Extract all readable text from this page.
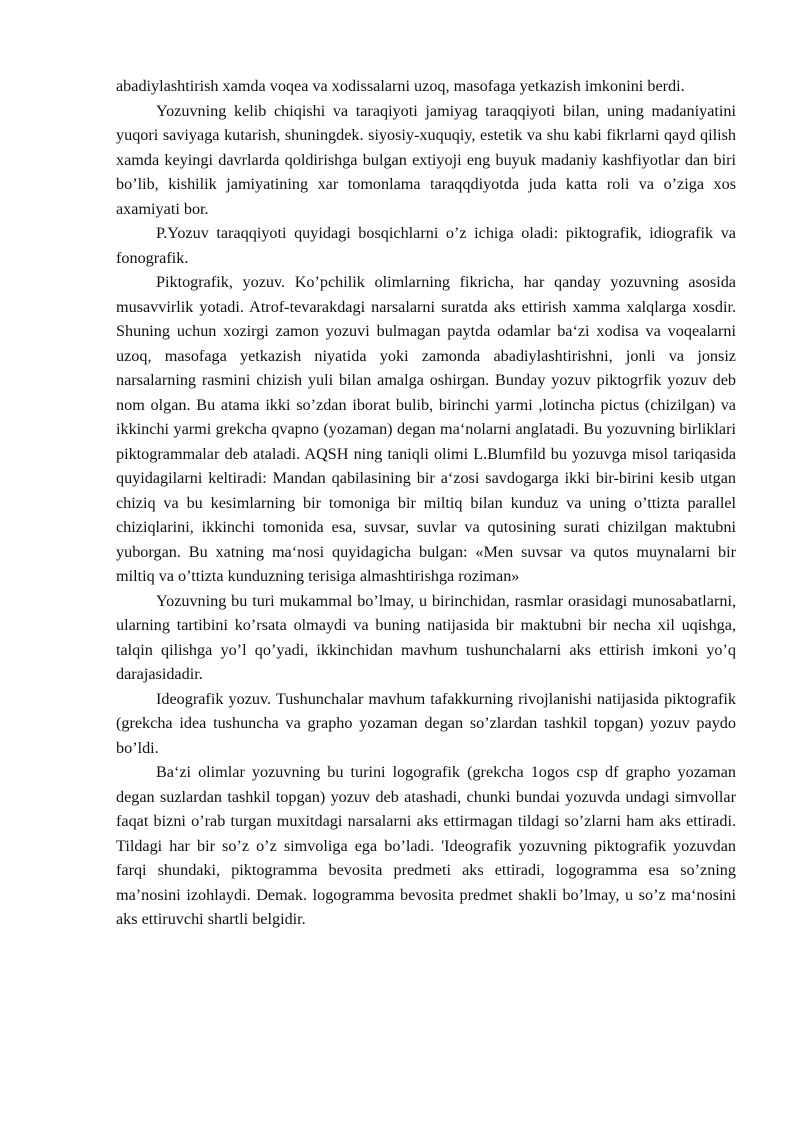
abadiylashtirish xamda voqea va xodissalarni uzoq, masofaga yetkazish imkonini berdi.

Yozuvning kelib chiqishi va taraqiyoti jamiyag taraqqiyoti bilan, uning madaniyatini yuqori saviyaga kutarish, shuningdek. siyosiy-xuquqiy, estetik va shu kabi fikrlarni qayd qilish xamda keyingi davrlarda qoldirishga bulgan extiyoji eng buyuk madaniy kashfiyotlar dan biri bo’lib, kishilik jamiyatining xar tomonlama taraqqdiyotda juda katta roli va o’ziga xos axamiyati bor.

P.Yozuv taraqqiyoti quyidagi bosqichlarni o’z ichiga oladi: piktografik, idiografik va fonografik.

Piktografik, yozuv. Ko’pchilik olimlarning fikricha, har qanday yozuvning asosida musavvirlik yotadi. Atrof-tevarakdagi narsalarni suratda aks ettirish xamma xalqlarga xosdir. Shuning uchun xozirgi zamon yozuvi bulmagan paytda odamlar ba‘zi xodisa va voqealarni uzoq, masofaga yetkazish niyatida yoki zamonda abadiylashtirishni, jonli va jonsiz narsalarning rasmini chizish yuli bilan amalga oshirgan. Bunday yozuv piktogrfik yozuv deb nom olgan. Bu atama ikki so’zdan iborat bulib, birinchi yarmi ,lotincha pictus (chizilgan) va ikkinchi yarmi grekcha qvapno (yozaman) degan ma‘nolarni anglatadi. Bu yozuvning birliklari piktogrammalar deb ataladi. AQSH ning taniqli olimi L.Blumfild bu yozuvga misol tariqasida quyidagilarni keltiradi: Mandan qabilasining bir a‘zosi savdogarga ikki bir-birini kesib utgan chiziq va bu kesimlarning bir tomoniga bir miltiq bilan kunduz va uning o’ttizta parallel chiziqlarini, ikkinchi tomonida esa, suvsar, suvlar va qutosining surati chizilgan maktubni yuborgan. Bu xatning ma‘nosi quyidagicha bulgan: «Men suvsar va qutos muynalarni bir miltiq va o’ttizta kunduzning terisiga almashtirishga roziman»

Yozuvning bu turi mukammal bo’lmay, u birinchidan, rasmlar orasidagi munosabatlarni, ularning tartibini ko’rsata olmaydi va buning natijasida bir maktubni bir necha xil uqishga, talqin qilishga yo’l qo’yadi, ikkinchidan mavhum tushunchalarni aks ettirish imkoni yo’q darajasidadir.

Ideografik yozuv. Tushunchalar mavhum tafakkurning rivojlanishi natijasida piktografik (grekcha idea tushuncha va grapho yozaman degan so’zlardan tashkil topgan) yozuv paydo bo’ldi.

Ba‘zi olimlar yozuvning bu turini logografik (grekcha 1ogos csp df grapho yozaman degan suzlardan tashkil topgan) yozuv deb atashadi, chunki bundai yozuvda undagi simvollar faqat bizni o’rab turgan muxitdagi narsalarni aks ettirmagan tildagi so’zlarni ham aks ettiradi. Tildagi har bir so’z o’z simvoliga ega bo’ladi. 'Ideografik yozuvning piktografik yozuvdan farqi shundaki, piktogramma bevosita predmeti aks ettiradi, logogramma esa so’zning ma’nosini izohlaydi. Demak. logogramma bevosita predmet shakli bo’lmay, u so’z ma‘nosini aks ettiruvchi shartli belgidir.
